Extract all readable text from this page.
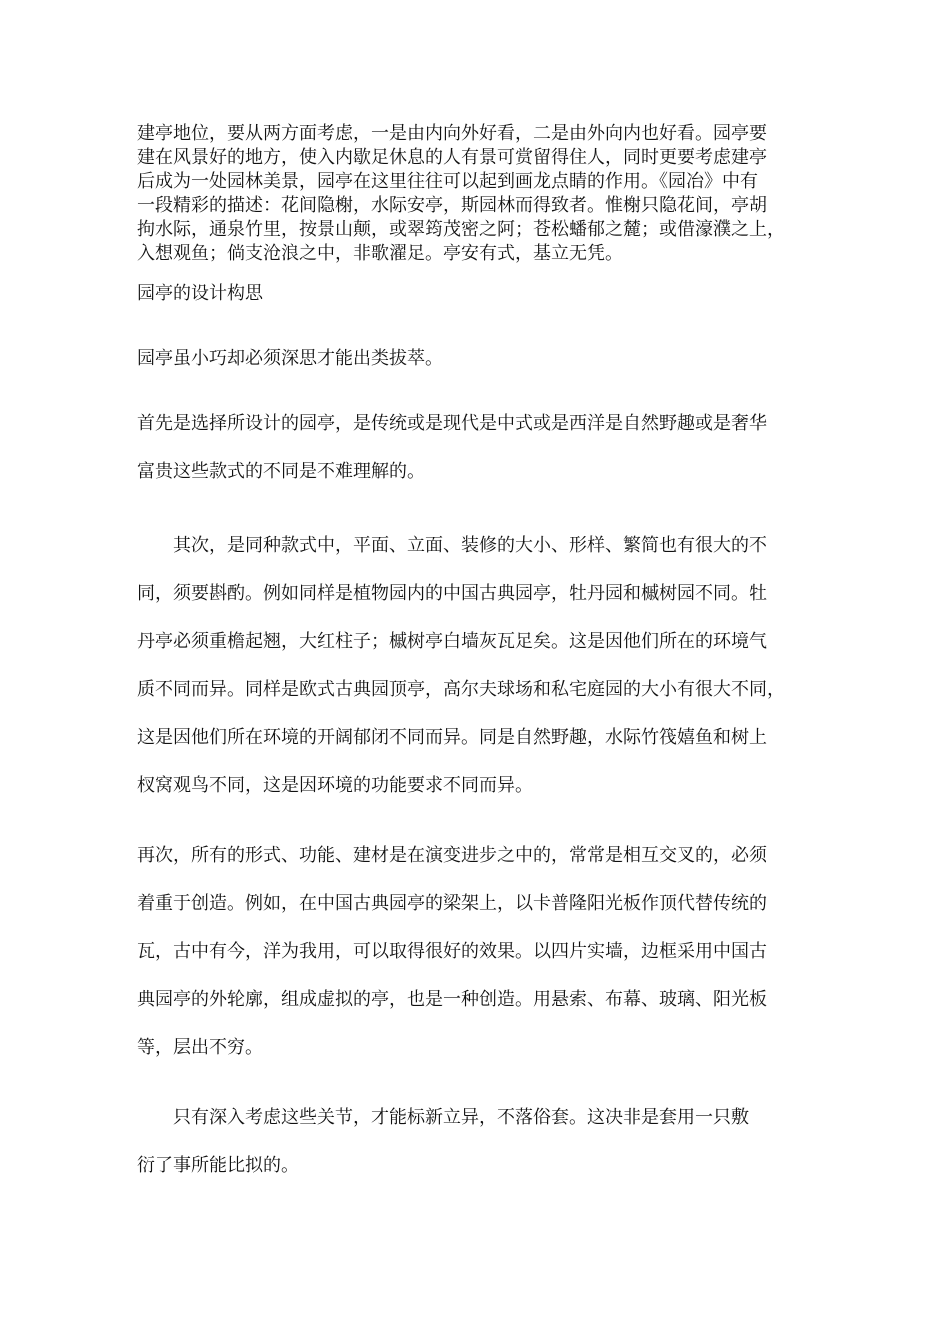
建亭地位，要从两方面考虑，一是由内向外好看，二是由外向内也好看。园亭要
建在风景好的地方，使入内歇足休息的人有景可赏留得住人，同时更要考虑建亭
后成为一处园林美景，园亭在这里往往可以起到画龙点睛的作用。《园冶》中有
一段精彩的描述：花间隐榭，水际安亭，斯园林而得致者。惟榭只隐花间，亭胡
拘水际，通泉竹里，按景山颠，或翠筠茂密之阿；苍松蟠郁之麓；或借濠濮之上，
入想观鱼；倘支沧浪之中，非歌濯足。亭安有式，基立无凭。

园亭的设计构思

园亭虽小巧却必须深思才能出类拔萃。

首先是选择所设计的园亭，是传统或是现代是中式或是西洋是自然野趣或是奢华
富贵这些款式的不同是不难理解的。

其次，是同种款式中，平面、立面、装修的大小、形样、繁简也有很大的不
同，须要斟酌。例如同样是植物园内的中国古典园亭，牡丹园和槭树园不同。牡
丹亭必须重檐起翘，大红柱子；槭树亭白墙灰瓦足矣。这是因他们所在的环境气
质不同而异。同样是欧式古典园顶亭，高尔夫球场和私宅庭园的大小有很大不同，
这是因他们所在环境的开阔郁闭不同而异。同是自然野趣，水际竹筏嬉鱼和树上
杈窝观鸟不同，这是因环境的功能要求不同而异。

再次，所有的形式、功能、建材是在演变进步之中的，常常是相互交叉的，必须
着重于创造。例如，在中国古典园亭的梁架上，以卡普隆阳光板作顶代替传统的
瓦，古中有今，洋为我用，可以取得很好的效果。以四片实墙，边框采用中国古
典园亭的外轮廓，组成虚拟的亭，也是一种创造。用悬索、布幕、玻璃、阳光板
等，层出不穷。

只有深入考虑这些关节，才能标新立异，不落俗套。这决非是套用一只敷
衍了事所能比拟的。
